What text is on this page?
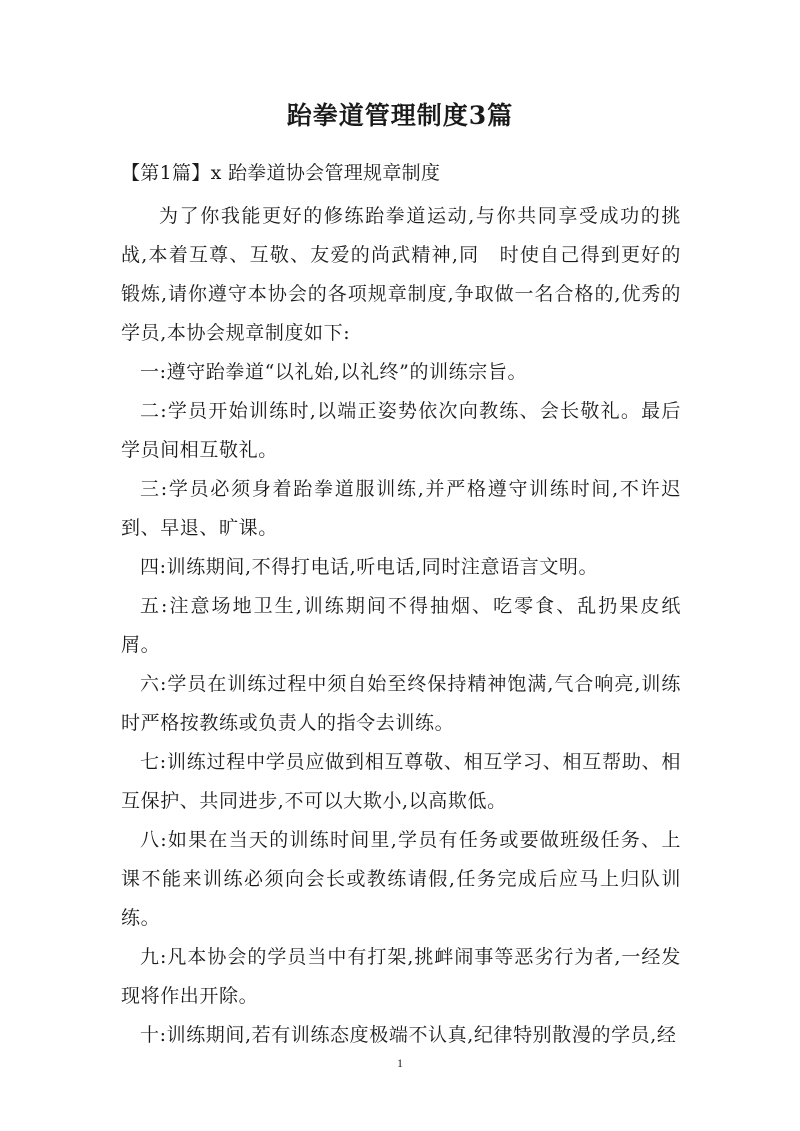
跆拳道管理制度3篇
【第1篇】x 跆拳道协会管理规章制度

为了你我能更好的修练跆拳道运动,与你共同享受成功的挑战,本着互尊、互敬、友爱的尚武精神,同　时使自己得到更好的锻炼,请你遵守本协会的各项规章制度,争取做一名合格的,优秀的学员,本协会规章制度如下:

一:遵守跆拳道“以礼始,以礼终”的训练宗旨。

二:学员开始训练时,以端正姿势依次向教练、会长敬礼。最后学员间相互敬礼。

三:学员必须身着跆拳道服训练,并严格遵守训练时间,不许迟到、早退、旷课。

四:训练期间,不得打电话,听电话,同时注意语言文明。

五:注意场地卫生,训练期间不得抽烟、吃零食、乱扔果皮纸屑。

六:学员在训练过程中须自始至终保持精神饱满,气合响亮,训练时严格按教练或负责人的指令去训练。

七:训练过程中学员应做到相互尊敬、相互学习、相互帮助、相互保护、共同进步,不可以大欺小,以高欺低。

八:如果在当天的训练时间里,学员有任务或要做班级任务、上课不能来训练必须向会长或教练请假,任务完成后应马上归队训练。

九:凡本协会的学员当中有打架,挑衅闹事等恶劣行为者,一经发现将作出开除。

十:训练期间,若有训练态度极端不认真,纪律特别散漫的学员,经

1
